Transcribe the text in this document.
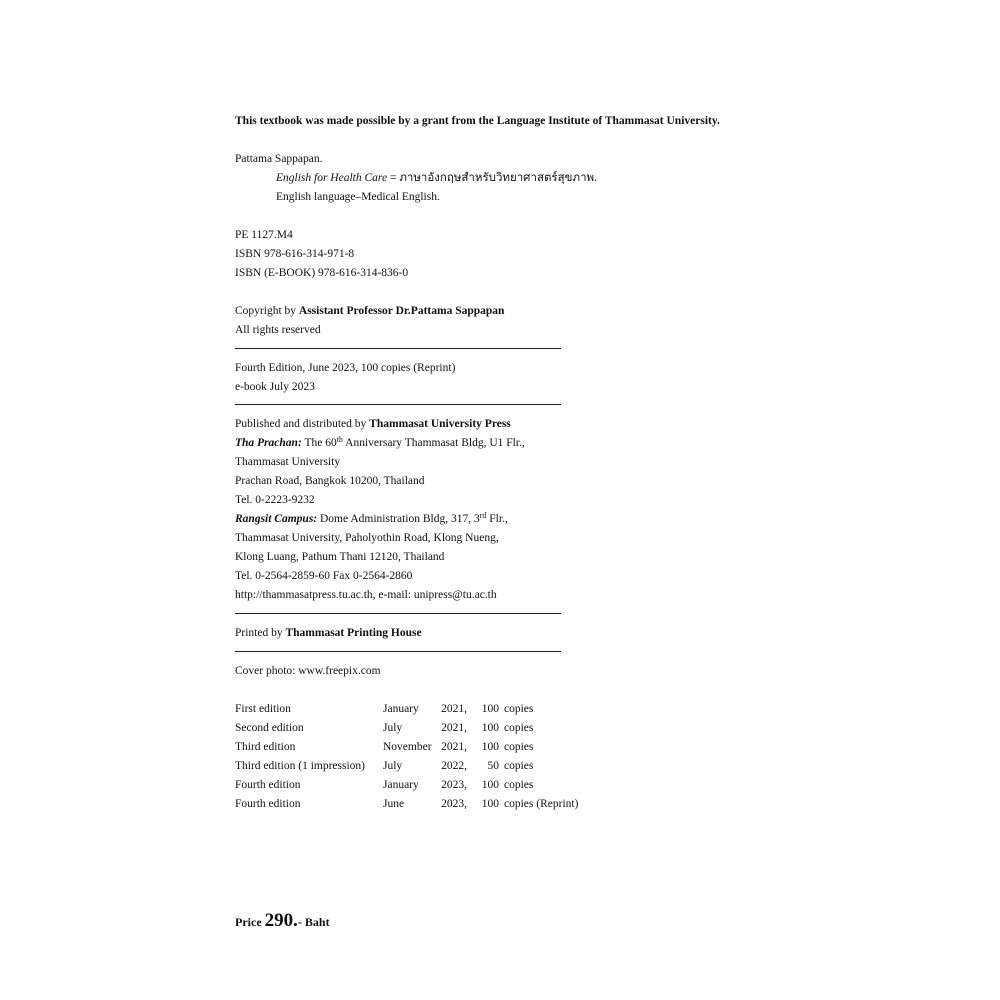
This textbook was made possible by a grant from the Language Institute of Thammasat University.
Pattama Sappapan.
English for Health Care = ภาษาอังกฤษสำหรับวิทยาศาสตร์สุขภาพ.
English language–Medical English.
PE 1127.M4
ISBN 978-616-314-971-8
ISBN (E-BOOK) 978-616-314-836-0
Copyright by Assistant Professor Dr.Pattama Sappapan
All rights reserved
Fourth Edition, June 2023, 100 copies (Reprint)
e-book July 2023
Published and distributed by Thammasat University Press
Tha Prachan: The 60th Anniversary Thammasat Bldg, U1 Flr.,
Thammasat University
Prachan Road, Bangkok 10200, Thailand
Tel. 0-2223-9232
Rangsit Campus: Dome Administration Bldg, 317, 3rd Flr.,
Thammasat University, Paholyothin Road, Klong Nueng,
Klong Luang, Pathum Thani 12120, Thailand
Tel. 0-2564-2859-60 Fax 0-2564-2860
http://thammasatpress.tu.ac.th, e-mail: unipress@tu.ac.th
Printed by Thammasat Printing House
Cover photo: www.freepix.com
First edition	January	2021,	100	copies
Second edition	July	2021,	100	copies
Third edition	November	2021,	100	copies
Third edition (1 impression)	July	2022,	50	copies
Fourth edition	January	2023,	100	copies
Fourth edition	June	2023,	100	copies (Reprint)
Price 290.- Baht
